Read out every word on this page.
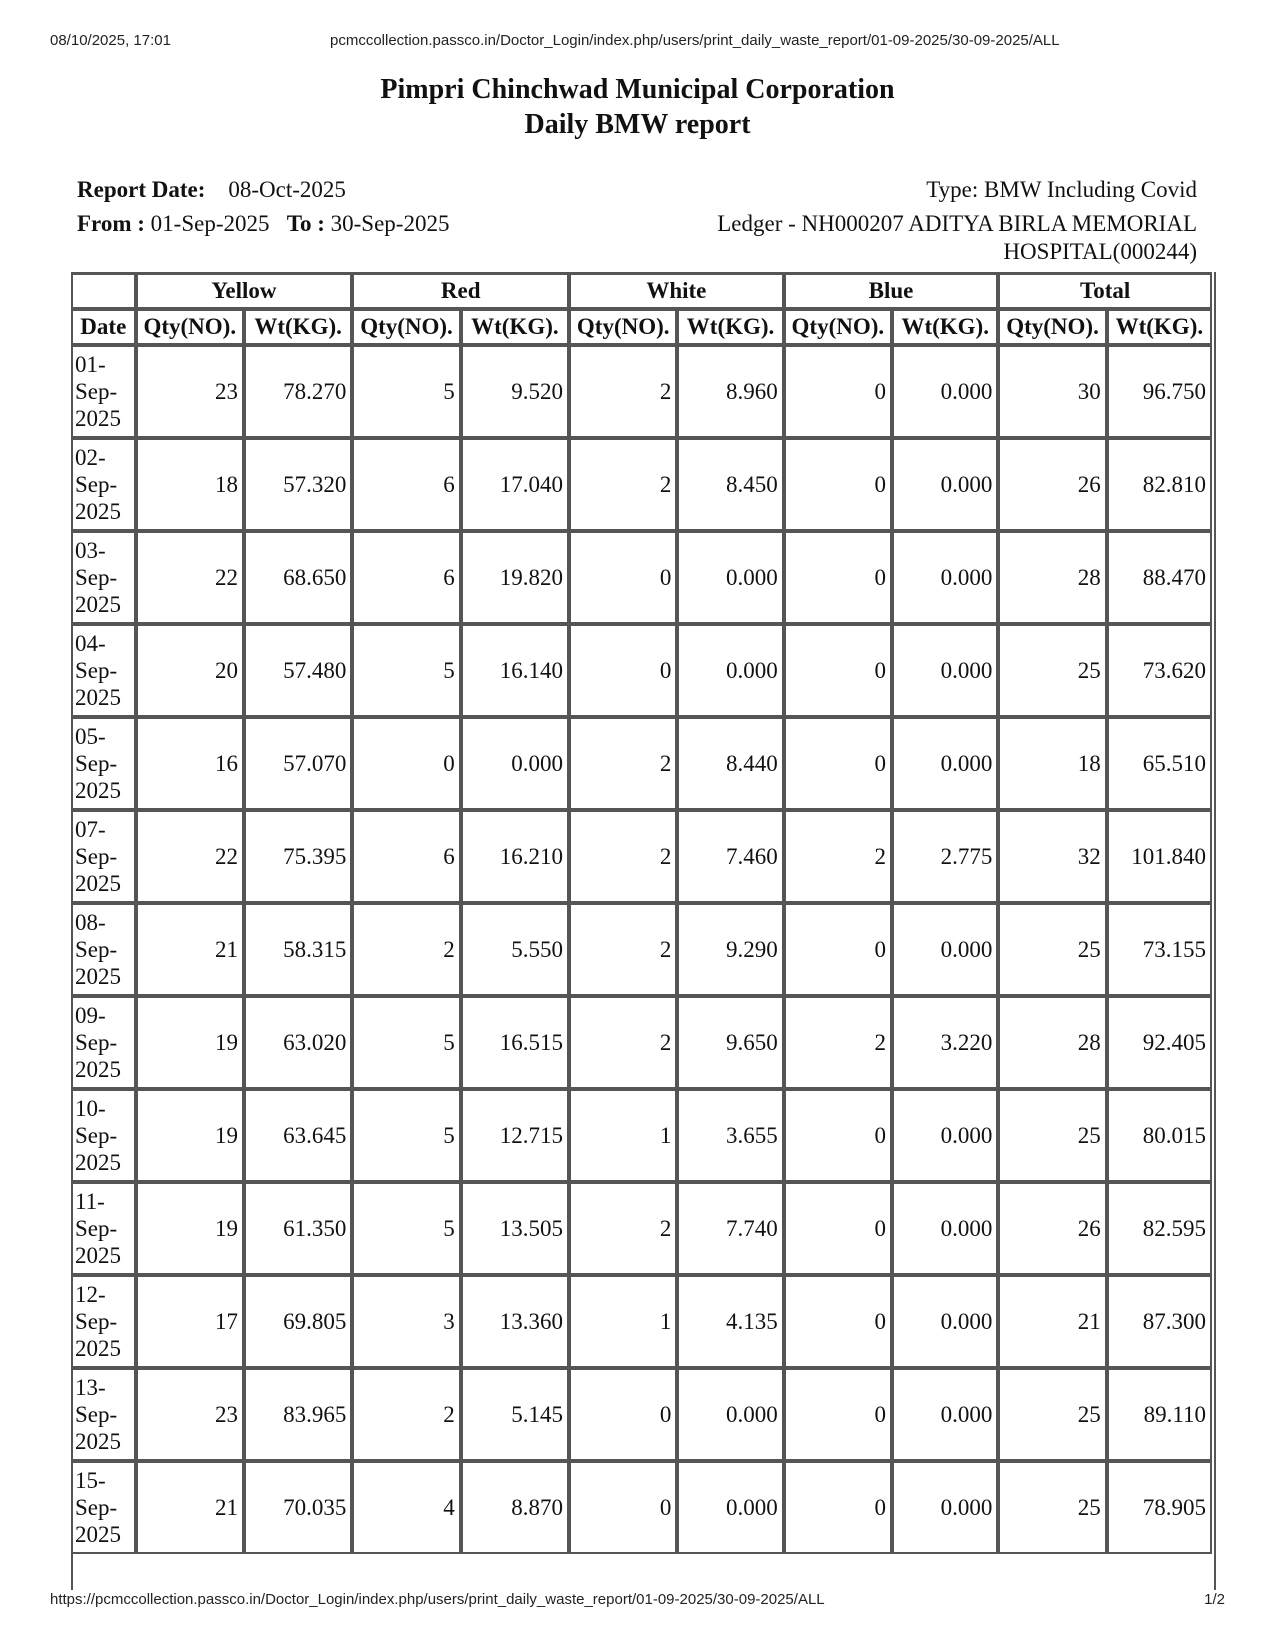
08/10/2025, 17:01	pcmccollection.passco.in/Doctor_Login/index.php/users/print_daily_waste_report/01-09-2025/30-09-2025/ALL
Pimpri Chinchwad Municipal Corporation
Daily BMW report
Report Date: 08-Oct-2025
From : 01-Sep-2025 To : 30-Sep-2025
Type: BMW Including Covid
Ledger - NH000207 ADITYA BIRLA MEMORIAL
HOSPITAL(000244)
	Yellow		Red		White		Blue		Total	
Date	Qty(NO).	Wt(KG).	Qty(NO).	Wt(KG).	Qty(NO).	Wt(KG).	Qty(NO).	Wt(KG).	Qty(NO).	Wt(KG).

01-
Sep-
2025	23	78.270	5	9.520	2	8.960	0	0.000	30	96.750

02-
Sep-
2025	18	57.320	6	17.040	2	8.450	0	0.000	26	82.810

03-
Sep-
2025	22	68.650	6	19.820	0	0.000	0	0.000	28	88.470

04-
Sep-
2025	20	57.480	5	16.140	0	0.000	0	0.000	25	73.620

05-
Sep-
2025	16	57.070	0	0.000	2	8.440	0	0.000	18	65.510

07-
Sep-
2025	22	75.395	6	16.210	2	7.460	2	2.775	32	101.840

08-
Sep-
2025	21	58.315	2	5.550	2	9.290	0	0.000	25	73.155

09-
Sep-
2025	19	63.020	5	16.515	2	9.650	2	3.220	28	92.405

10-
Sep-
2025	19	63.645	5	12.715	1	3.655	0	0.000	25	80.015

11-
Sep-
2025	19	61.350	5	13.505	2	7.740	0	0.000	26	82.595

12-
Sep-
2025	17	69.805	3	13.360	1	4.135	0	0.000	21	87.300

13-
Sep-
2025	23	83.965	2	5.145	0	0.000	0	0.000	25	89.110

15-
Sep-
2025	21	70.035	4	8.870	0	0.000	0	0.000	25	78.905
https://pcmccollection.passco.in/Doctor_Login/index.php/users/print_daily_waste_report/01-09-2025/30-09-2025/ALL	1/2
